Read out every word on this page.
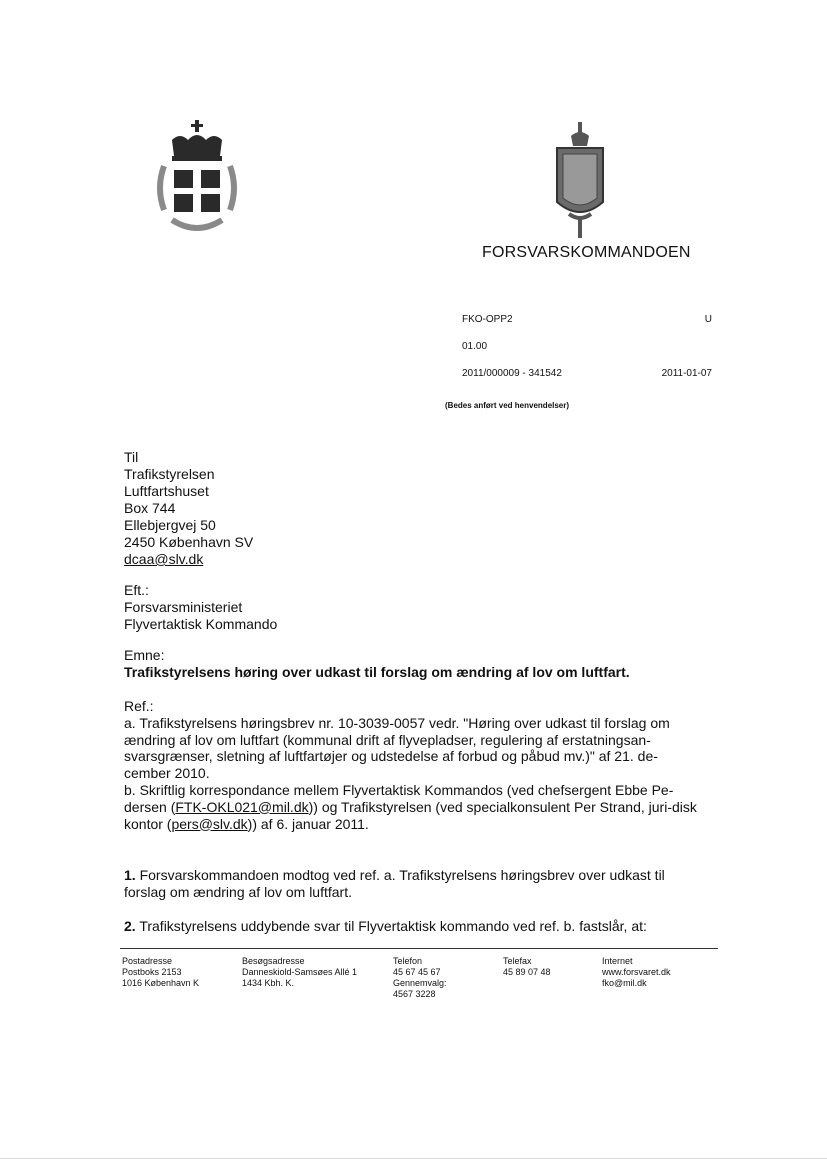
FORSVARSKOMMANDOEN
FKO-OPP2	U
01.00
2011/000009 - 341542	2011-01-07
(Bedes anført ved henvendelser)
Til
Trafikstyrelsen
Luftfartshuset
Box 744
Ellebjergvej 50
2450 København SV
dcaa@slv.dk
Eft.:
Forsvarsministeriet
Flyvertaktisk Kommando
Emne:
Trafikstyrelsens høring over udkast til forslag om ændring af lov om luftfart.
Ref.:
a. Trafikstyrelsens høringsbrev nr. 10-3039-0057 vedr. "Høring over udkast til forslag om ændring af lov om luftfart (kommunal drift af flyvepladser, regulering af erstatningsan-svarsgrænser, sletning af luftfartøjer og udstedelse af forbud og påbud mv.)" af 21. de-cember 2010.
b. Skriftlig korrespondance mellem Flyvertaktisk Kommandos (ved chefsergent Ebbe Pe-dersen (FTK-OKL021@mil.dk)) og Trafikstyrelsen (ved specialkonsulent Per Strand, juri-disk kontor (pers@slv.dk)) af 6. januar 2011.
1. Forsvarskommandoen modtog ved ref. a. Trafikstyrelsens høringsbrev over udkast til forslag om ændring af lov om luftfart.
2. Trafikstyrelsens uddybende svar til Flyvertaktisk kommando ved ref. b. fastslår, at:
Postadresse
Postboks 2153
1016 København K
Besøgsadresse
Danneskiold-Samsøes Allé 1
1434 Kbh. K.
Telefon
45 67 45 67
Gennemvalg:
4567 3228
Telefax
45 89 07 48
Internet
www.forsvaret.dk
fko@mil.dk
